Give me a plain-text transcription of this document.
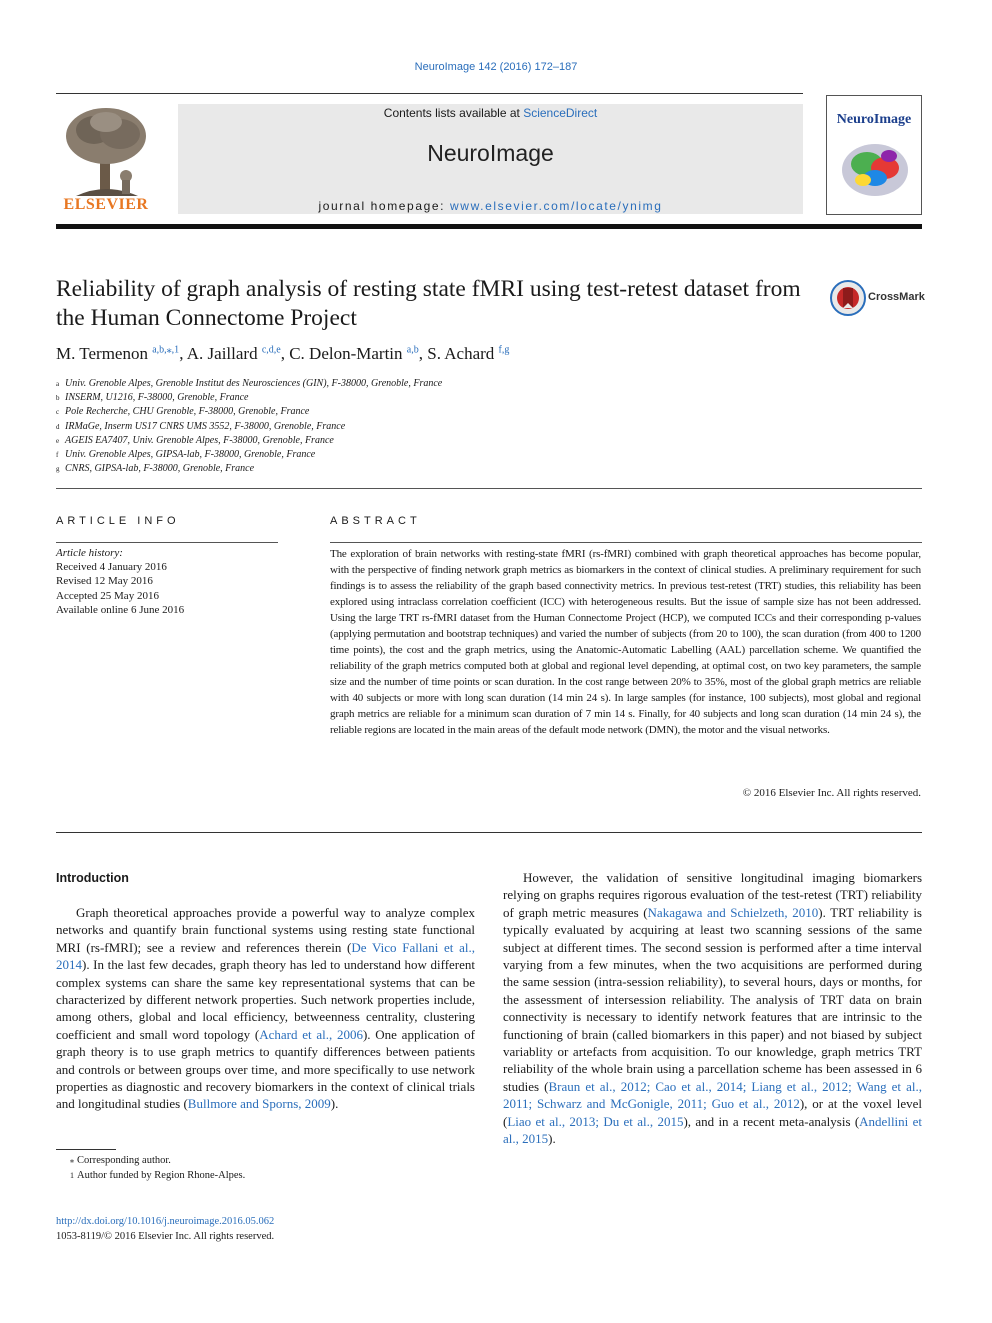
NeuroImage 142 (2016) 172–187
ELSEVIER
Contents lists available at ScienceDirect
NeuroImage
journal homepage: www.elsevier.com/locate/ynimg
NeuroImage
Reliability of graph analysis of resting state fMRI using test-retest dataset from the Human Connectome Project
CrossMark
M. Termenon $^{a,b,⁎,1}$, A. Jaillard $^{c,d,e}$, C. Delon-Martin $^{a,b}$, S. Achard $^{f,g}$
a Univ. Grenoble Alpes, Grenoble Institut des Neurosciences (GIN), F-38000, Grenoble, France
b INSERM, U1216, F-38000, Grenoble, France
c Pole Recherche, CHU Grenoble, F-38000, Grenoble, France
d IRMaGe, Inserm US17 CNRS UMS 3552, F-38000, Grenoble, France
e AGEIS EA7407, Univ. Grenoble Alpes, F-38000, Grenoble, France
f Univ. Grenoble Alpes, GIPSA-lab, F-38000, Grenoble, France
g CNRS, GIPSA-lab, F-38000, Grenoble, France
ARTICLE INFO
Article history:
Received 4 January 2016
Revised 12 May 2016
Accepted 25 May 2016
Available online 6 June 2016
ABSTRACT
The exploration of brain networks with resting-state fMRI (rs-fMRI) combined with graph theoretical approaches has become popular, with the perspective of finding network graph metrics as biomarkers in the context of clinical studies. A preliminary requirement for such findings is to assess the reliability of the graph based connectivity metrics. In previous test-retest (TRT) studies, this reliability has been explored using intraclass correlation coefficient (ICC) with heterogeneous results. But the issue of sample size has not been addressed. Using the large TRT rs-fMRI dataset from the Human Connectome Project (HCP), we computed ICCs and their corresponding p-values (applying permutation and bootstrap techniques) and varied the number of subjects (from 20 to 100), the scan duration (from 400 to 1200 time points), the cost and the graph metrics, using the Anatomic-Automatic Labelling (AAL) parcellation scheme. We quantified the reliability of the graph metrics computed both at global and regional level depending, at optimal cost, on two key parameters, the sample size and the number of time points or scan duration. In the cost range between 20% to 35%, most of the global graph metrics are reliable with 40 subjects or more with long scan duration (14 min 24 s). In large samples (for instance, 100 subjects), most global and regional graph metrics are reliable for a minimum scan duration of 7 min 14 s. Finally, for 40 subjects and long scan duration (14 min 24 s), the reliable regions are located in the main areas of the default mode network (DMN), the motor and the visual networks.
© 2016 Elsevier Inc. All rights reserved.
Introduction
Graph theoretical approaches provide a powerful way to analyze complex networks and quantify brain functional systems using resting state functional MRI (rs-fMRI); see a review and references therein (De Vico Fallani et al., 2014). In the last few decades, graph theory has led to understand how different complex systems can share the same key representational systems that can be characterized by different network properties. Such network properties include, among others, global and local efficiency, betweenness centrality, clustering coefficient and small word topology (Achard et al., 2006). One application of graph theory is to use graph metrics to quantify differences between patients and controls or between groups over time, and more specifically to use network properties as diagnostic and recovery biomarkers in the context of clinical trials and longitudinal studies (Bullmore and Sporns, 2009).
However, the validation of sensitive longitudinal imaging biomarkers relying on graphs requires rigorous evaluation of the test-retest (TRT) reliability of graph metric measures (Nakagawa and Schielzeth, 2010). TRT reliability is typically evaluated by acquiring at least two scanning sessions of the same subject at different times. The second session is performed after a time interval varying from a few minutes, when the two acquisitions are performed during the same session (intra-session reliability), to several hours, days or months, for the assessment of intersession reliability. The analysis of TRT data on brain connectivity is necessary to identify network features that are intrinsic to the functioning of brain (called biomarkers in this paper) and not biased by subject variablity or artefacts from acquisition. To our knowledge, graph metrics TRT reliability of the whole brain using a parcellation scheme has been assessed in 6 studies (Braun et al., 2012; Cao et al., 2014; Liang et al., 2012; Wang et al., 2011; Schwarz and McGonigle, 2011; Guo et al., 2012), or at the voxel level (Liao et al., 2013; Du et al., 2015), and in a recent meta-analysis (Andellini et al., 2015).
⁎ Corresponding author.
1 Author funded by Region Rhone-Alpes.
http://dx.doi.org/10.1016/j.neuroimage.2016.05.062
1053-8119/© 2016 Elsevier Inc. All rights reserved.
